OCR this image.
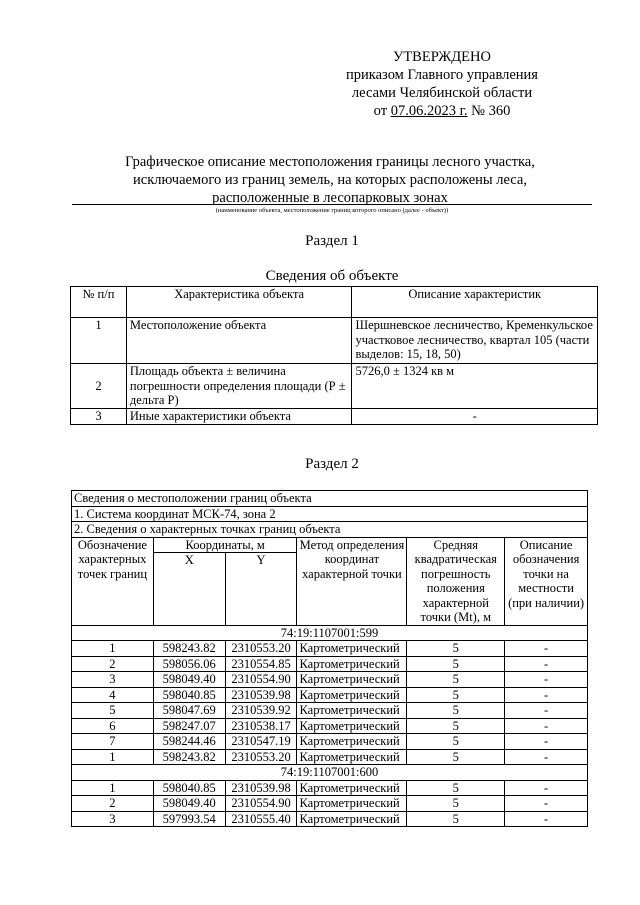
УТВЕРЖДЕНО
приказом Главного управления
лесами Челябинской области
от 07.06.2023 г. № 360
Графическое описание местоположения границы лесного участка,
исключаемого из границ земель, на которых расположены леса,
расположенные в лесопарковых зонах
(наименование объекта, местоположение границ которого описано (далее - объект))
Раздел 1
Сведения об объекте
№ п/п	Характеристика объекта	Описание характеристик
1	Местоположение объекта	Шершневское лесничество, Кременкульское участковое лесничество, квартал 105 (части выделов: 15, 18, 50)
2	Площадь объекта ± величина погрешности определения площади (Р ± дельта Р)	5726,0 ± 1324 кв м
3	Иные характеристики объекта	-
Раздел 2
Сведения о местоположении границ объекта					
1. Система координат МСК-74, зона 2					
2. Сведения о характерных точках границ объекта					
Обозначение характерных точек границ	Координаты, м		Метод определения координат характерной точки	Средняя квадратическая погрешность положения характерной точки (Mt), м	Описание обозначения точки на местности (при наличии)
	X	Y			
74:19:1107001:599					
1	598243.82	2310553.20	Картометрический	5	-
2	598056.06	2310554.85	Картометрический	5	-
3	598049.40	2310554.90	Картометрический	5	-
4	598040.85	2310539.98	Картометрический	5	-
5	598047.69	2310539.92	Картометрический	5	-
6	598247.07	2310538.17	Картометрический	5	-
7	598244.46	2310547.19	Картометрический	5	-
1	598243.82	2310553.20	Картометрический	5	-
74:19:1107001:600					
1	598040.85	2310539.98	Картометрический	5	-
2	598049.40	2310554.90	Картометрический	5	-
3	597993.54	2310555.40	Картометрический	5	-
